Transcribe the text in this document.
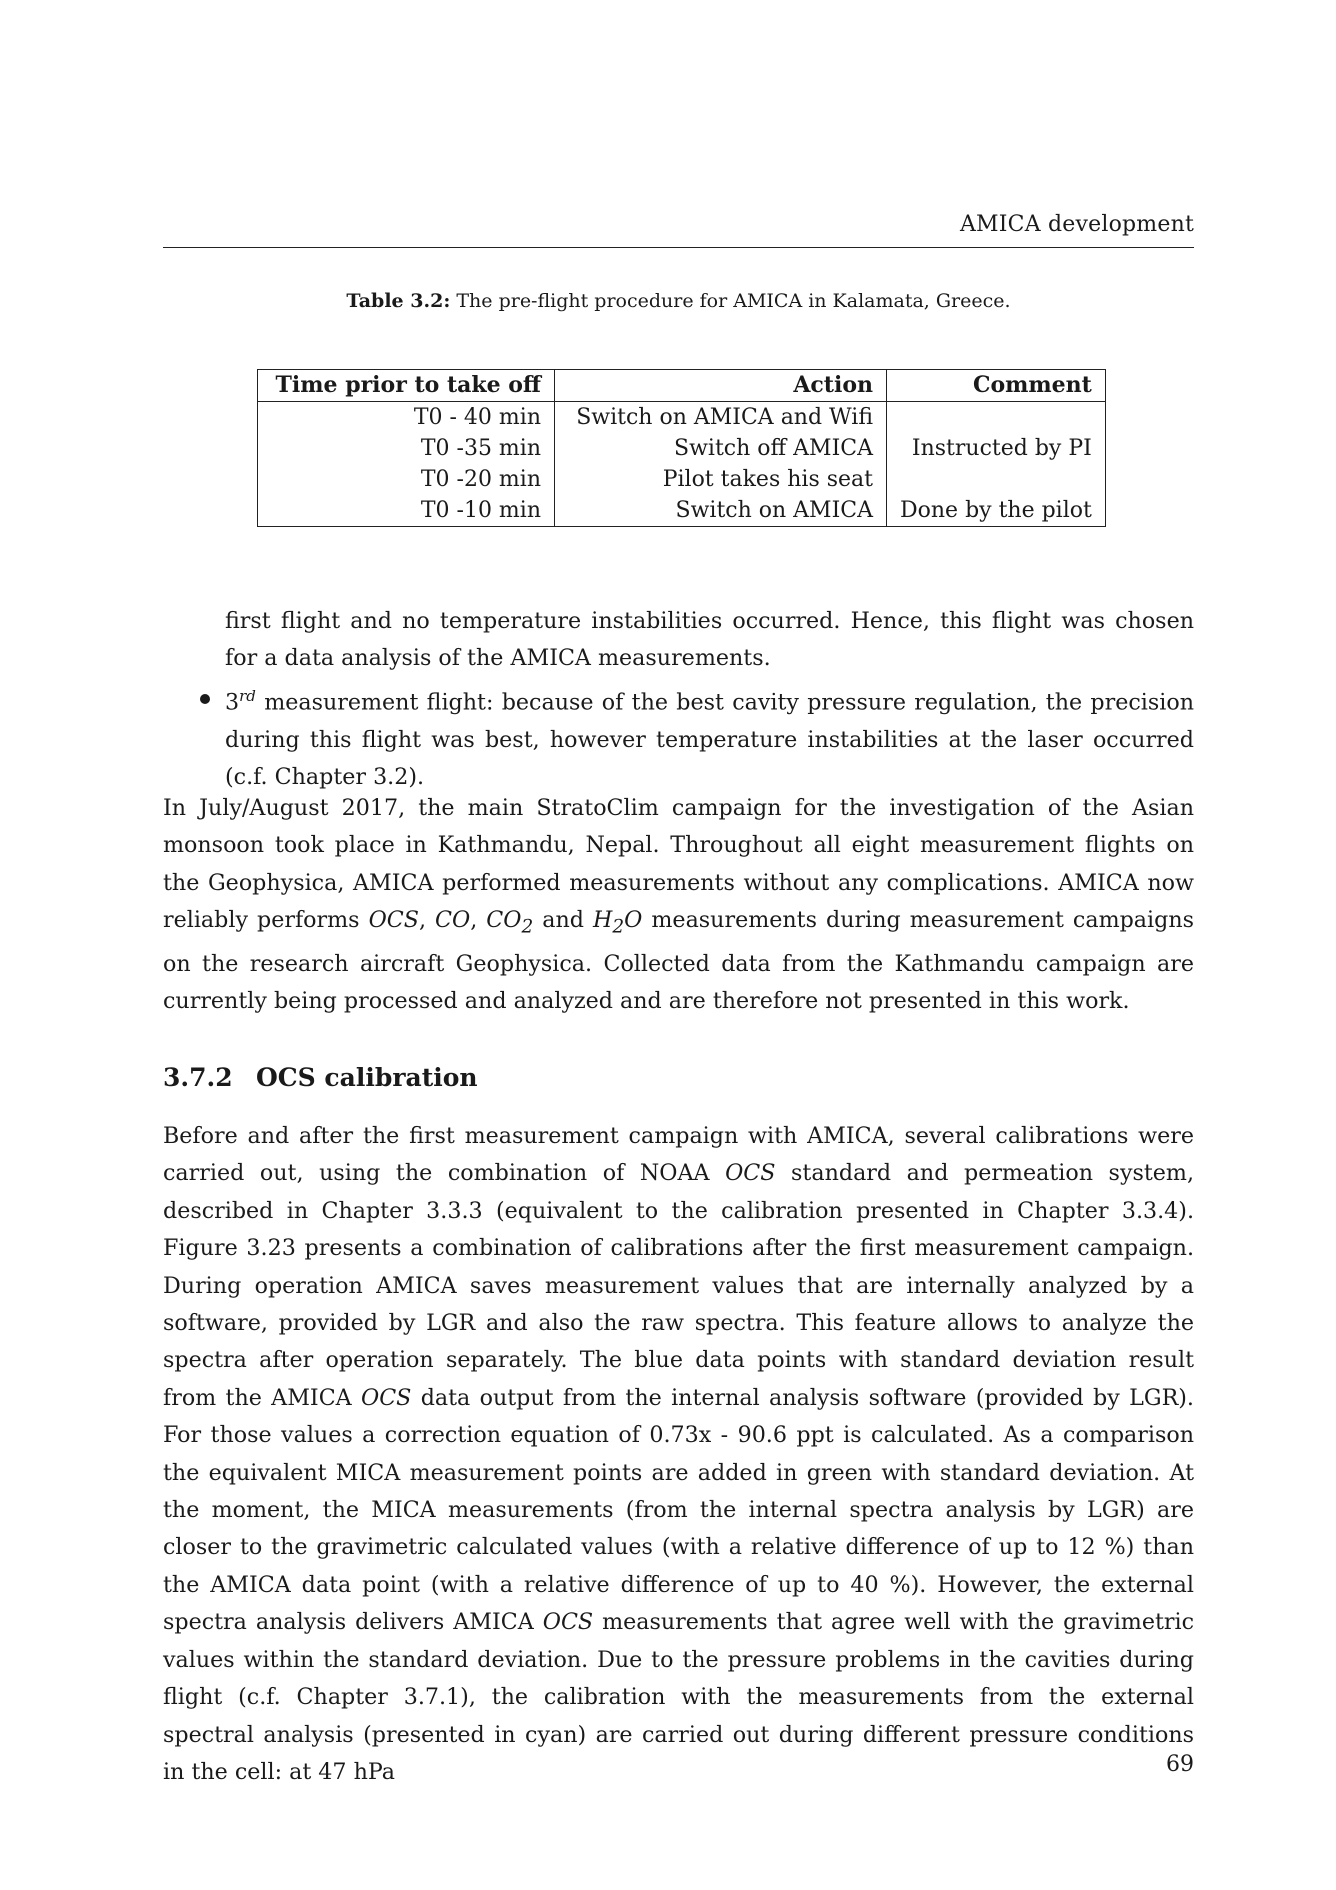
AMICA development
Table 3.2: The pre-flight procedure for AMICA in Kalamata, Greece.
Time prior to take off	Action	Comment
T0 - 40 min	Switch on AMICA and Wifi	
T0 -35 min	Switch off AMICA	Instructed by PI
T0 -20 min	Pilot takes his seat	
T0 -10 min	Switch on AMICA	Done by the pilot
first flight and no temperature instabilities occurred. Hence, this flight was chosen for a data analysis of the AMICA measurements.
3rd measurement flight: because of the best cavity pressure regulation, the precision during this flight was best, however temperature instabilities at the laser occurred (c.f. Chapter 3.2).
In July/August 2017, the main StratoClim campaign for the investigation of the Asian monsoon took place in Kathmandu, Nepal. Throughout all eight measurement flights on the Geophysica, AMICA performed measurements without any complications. AMICA now reliably performs OCS, CO, $CO_2$ and $H_2O$ measurements during measurement campaigns on the research aircraft Geophysica. Collected data from the Kathmandu campaign are currently being processed and analyzed and are therefore not presented in this work.
3.7.2 OCS calibration
Before and after the first measurement campaign with AMICA, several calibrations were carried out, using the combination of NOAA OCS standard and permeation system, described in Chapter 3.3.3 (equivalent to the calibration presented in Chapter 3.3.4). Figure 3.23 presents a combination of calibrations after the first measurement campaign. During operation AMICA saves measurement values that are internally analyzed by a software, provided by LGR and also the raw spectra. This feature allows to analyze the spectra after operation separately. The blue data points with standard deviation result from the AMICA OCS data output from the internal analysis software (provided by LGR). For those values a correction equation of 0.73x - 90.6 ppt is calculated. As a comparison the equivalent MICA measurement points are added in green with standard deviation. At the moment, the MICA measurements (from the internal spectra analysis by LGR) are closer to the gravimetric calculated values (with a relative difference of up to 12 %) than the AMICA data point (with a relative difference of up to 40 %). However, the external spectra analysis delivers AMICA OCS measurements that agree well with the gravimetric values within the standard deviation. Due to the pressure problems in the cavities during flight (c.f. Chapter 3.7.1), the calibration with the measurements from the external spectral analysis (presented in cyan) are carried out during different pressure conditions in the cell: at 47 hPa	69
